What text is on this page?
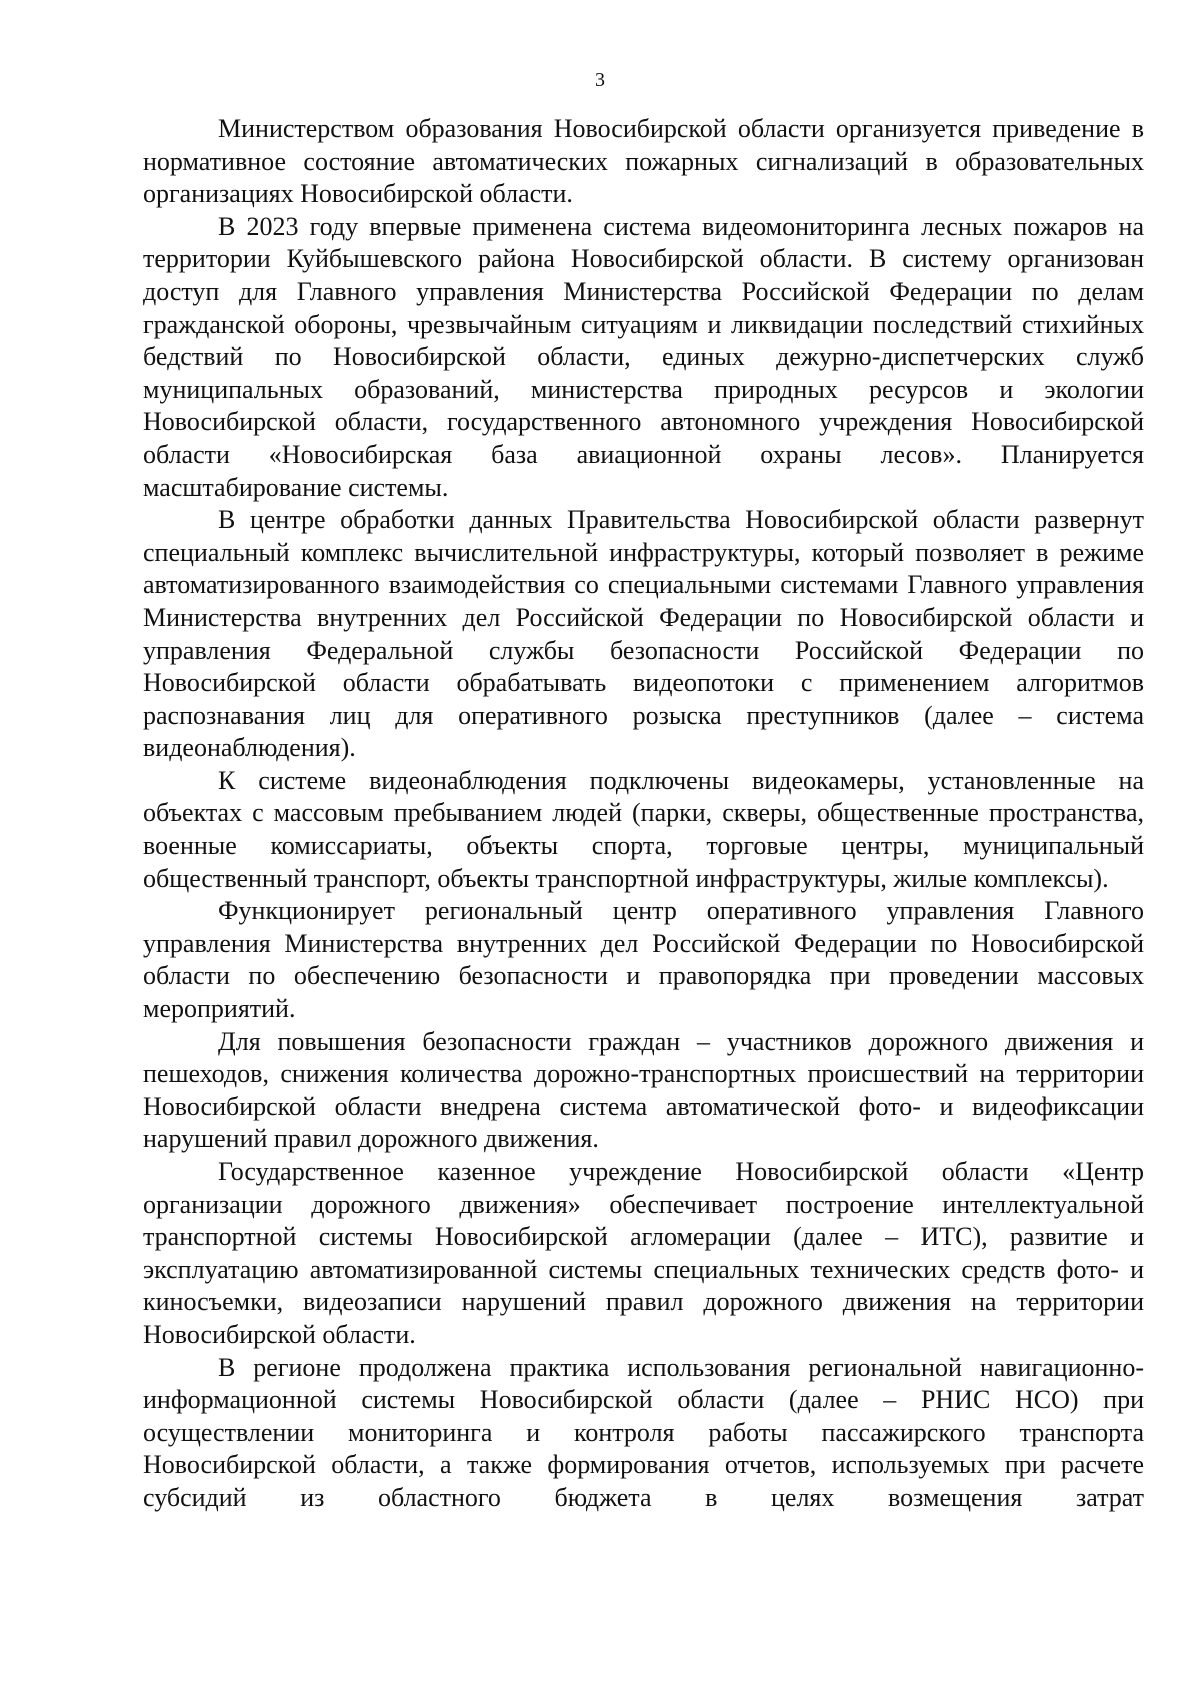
3

Министерством образования Новосибирской области организуется приведение в нормативное состояние автоматических пожарных сигнализаций в образовательных организациях Новосибирской области.

В 2023 году впервые применена система видеомониторинга лесных пожаров на территории Куйбышевского района Новосибирской области. В систему организован доступ для Главного управления Министерства Российской Федерации по делам гражданской обороны, чрезвычайным ситуациям и ликвидации последствий стихийных бедствий по Новосибирской области, единых дежурно-диспетчерских служб муниципальных образований, министерства природных ресурсов и экологии Новосибирской области, государственного автономного учреждения Новосибирской области «Новосибирская база авиационной охраны лесов». Планируется масштабирование системы.

В центре обработки данных Правительства Новосибирской области развернут специальный комплекс вычислительной инфраструктуры, который позволяет в режиме автоматизированного взаимодействия со специальными системами Главного управления Министерства внутренних дел Российской Федерации по Новосибирской области и управления Федеральной службы безопасности Российской Федерации по Новосибирской области обрабатывать видеопотоки с применением алгоритмов распознавания лиц для оперативного розыска преступников (далее – система видеонаблюдения).

К системе видеонаблюдения подключены видеокамеры, установленные на объектах с массовым пребыванием людей (парки, скверы, общественные пространства, военные комиссариаты, объекты спорта, торговые центры, муниципальный общественный транспорт, объекты транспортной инфраструктуры, жилые комплексы).

Функционирует региональный центр оперативного управления Главного управления Министерства внутренних дел Российской Федерации по Новосибирской области по обеспечению безопасности и правопорядка при проведении массовых мероприятий.

Для повышения безопасности граждан – участников дорожного движения и пешеходов, снижения количества дорожно-транспортных происшествий на территории Новосибирской области внедрена система автоматической фото- и видеофиксации нарушений правил дорожного движения.

Государственное казенное учреждение Новосибирской области «Центр организации дорожного движения» обеспечивает построение интеллектуальной транспортной системы Новосибирской агломерации (далее – ИТС), развитие и эксплуатацию автоматизированной системы специальных технических средств фото- и киносъемки, видеозаписи нарушений правил дорожного движения на территории Новосибирской области.

В регионе продолжена практика использования региональной навигационно-информационной системы Новосибирской области (далее – РНИС НСО) при осуществлении мониторинга и контроля работы пассажирского транспорта Новосибирской области, а также формирования отчетов, используемых при расчете субсидий из областного бюджета в целях возмещения затрат
